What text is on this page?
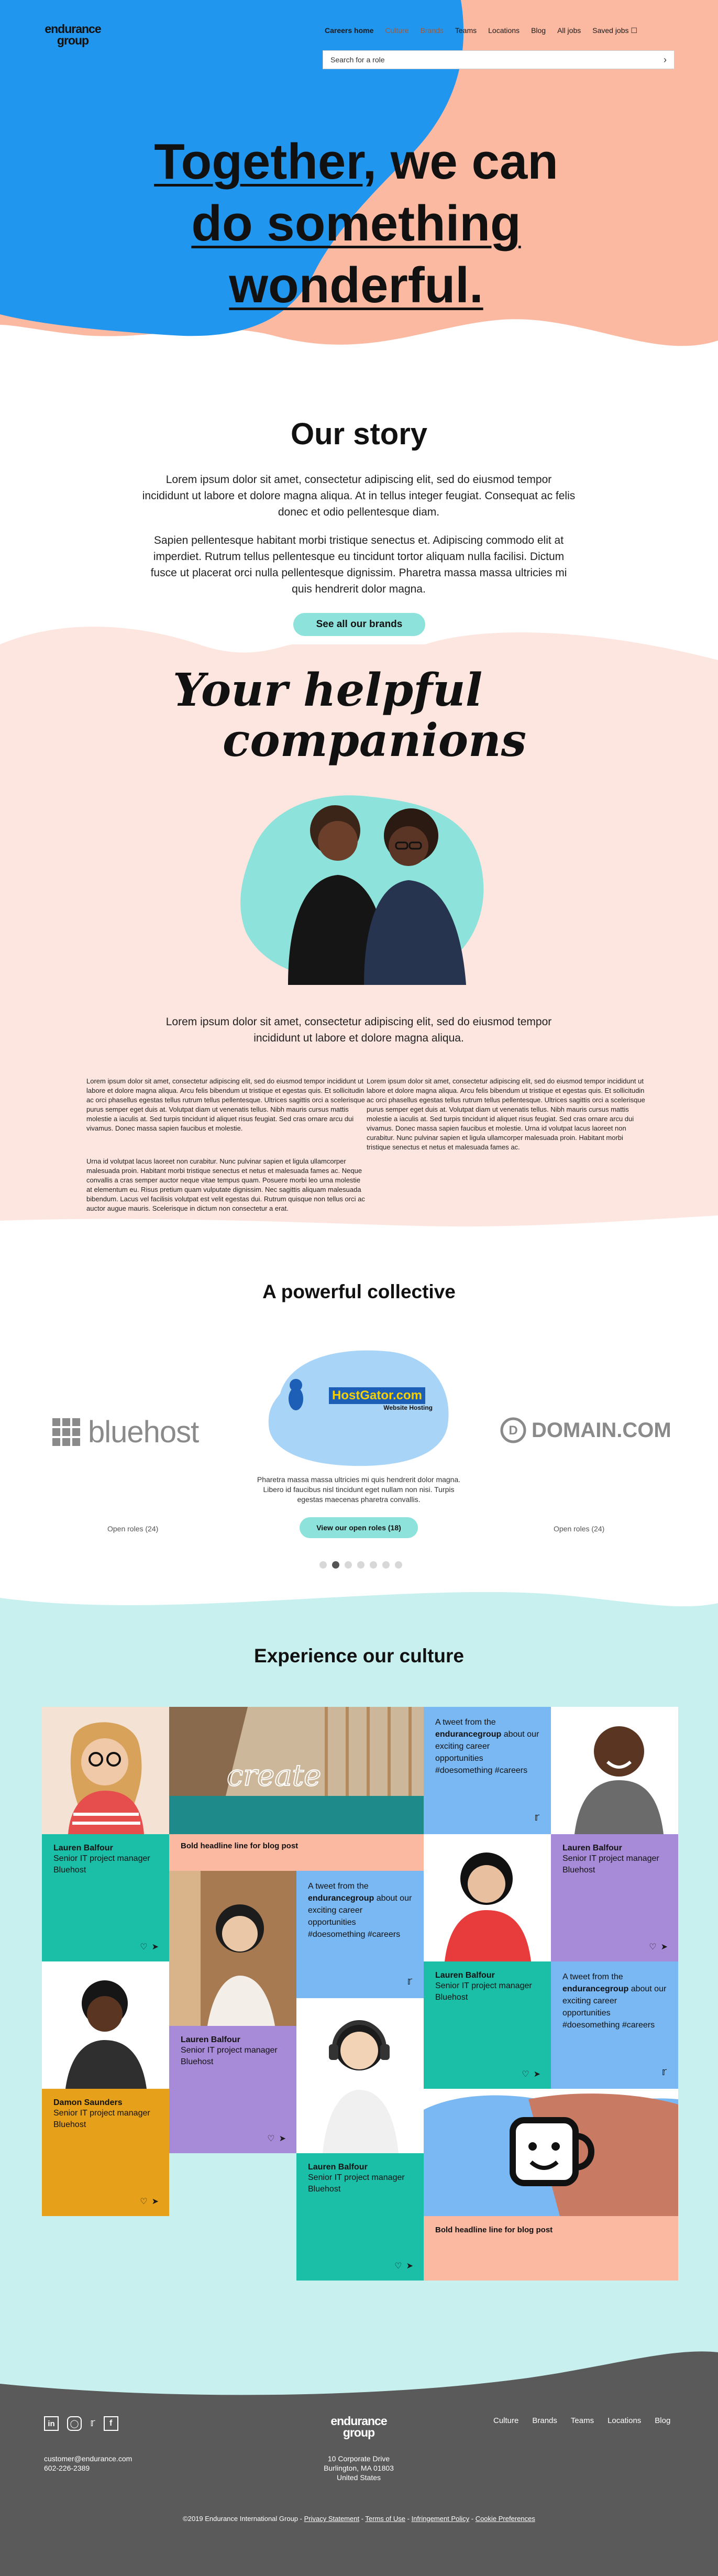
endurance group
Careers home Culture Brands Teams Locations Blog All jobs Saved jobs ☐
Search for a role	›
Together, we can
do something
wonderful.
Our story
Lorem ipsum dolor sit amet, consectetur adipiscing elit, sed do eiusmod tempor incididunt ut labore et dolore magna aliqua. At in tellus integer feugiat. Consequat ac felis donec et odio pellentesque diam.
Sapien pellentesque habitant morbi tristique senectus et. Adipiscing commodo elit at imperdiet. Rutrum tellus pellentesque eu tincidunt tortor aliquam nulla facilisi. Dictum fusce ut placerat orci nulla pellentesque dignissim. Pharetra massa massa ultricies mi quis hendrerit dolor magna.
See all our brands
Your helpful
companions
Lorem ipsum dolor sit amet, consectetur adipiscing elit, sed do eiusmod tempor incididunt ut labore et dolore magna aliqua.
Lorem ipsum dolor sit amet, consectetur adipiscing elit, sed do eiusmod tempor incididunt ut labore et dolore magna aliqua. Arcu felis bibendum ut tristique et egestas quis. Et sollicitudin ac orci phasellus egestas tellus rutrum tellus pellentesque. Ultrices sagittis orci a scelerisque purus semper eget duis at. Volutpat diam ut venenatis tellus. Nibh mauris cursus mattis molestie a iaculis at. Sed turpis tincidunt id aliquet risus feugiat. Sed cras ornare arcu dui vivamus. Donec massa sapien faucibus et molestie.
Urna id volutpat lacus laoreet non curabitur. Nunc pulvinar sapien et ligula ullamcorper malesuada proin. Habitant morbi tristique senectus et netus et malesuada fames ac. Neque convallis a cras semper auctor neque vitae tempus quam. Posuere morbi leo urna molestie at elementum eu. Risus pretium quam vulputate dignissim. Nec sagittis aliquam malesuada bibendum. Lacus vel facilisis volutpat est velit egestas dui. Rutrum quisque non tellus orci ac auctor augue mauris. Scelerisque in dictum non consectetur a erat.
Lorem ipsum dolor sit amet, consectetur adipiscing elit, sed do eiusmod tempor incididunt ut labore et dolore magna aliqua. Arcu felis bibendum ut tristique et egestas quis. Et sollicitudin ac orci phasellus egestas tellus rutrum tellus pellentesque. Ultrices sagittis orci a scelerisque purus semper eget duis at. Volutpat diam ut venenatis tellus. Nibh mauris cursus mattis molestie a iaculis at. Sed turpis tincidunt id aliquet risus feugiat. Sed cras ornare arcu dui vivamus. Donec massa sapien faucibus et molestie. Urna id volutpat lacus laoreet non curabitur. Nunc pulvinar sapien et ligula ullamcorper malesuada proin. Habitant morbi tristique senectus et netus et malesuada fames ac.
A powerful collective
bluehost
HostGator.com
Website Hosting
D DOMAIN.COM
Pharetra massa massa ultricies mi quis hendrerit dolor magna. Libero id faucibus nisl tincidunt eget nullam non nisi. Turpis egestas maecenas pharetra convallis.
Open roles (24)	View our open roles (18)	Open roles (24)
Experience our culture
create
A tweet from the endurancegroup about our exciting career opportunities #doesomething #careers
𝕣
Lauren Balfour
Senior IT project manager Bluehost
♡ ➤
Bold headline line for blog post	Lauren Balfour
Senior IT project manager Bluehost
♡ ➤
A tweet from the endurancegroup about our exciting career opportunities #doesomething #careers
𝕣
Lauren Balfour
Senior IT project manager Bluehost
♡ ➤
A tweet from the endurancegroup about our exciting career opportunities #doesomething #careers
𝕣
Lauren Balfour
Senior IT project manager Bluehost
♡ ➤
Damon Saunders
Senior IT project manager Bluehost
♡ ➤
Lauren Balfour
Senior IT project manager Bluehost
♡ ➤
Bold headline line for blog post
in	◯ 𝕣	f
customer@endurance.com
602-226-2389
endurance group
10 Corporate Drive
Burlington, MA 01803
United States
Culture Brands Teams Locations Blog
©2019 Endurance International Group - Privacy Statement - Terms of Use - Infringement Policy - Cookie Preferences
